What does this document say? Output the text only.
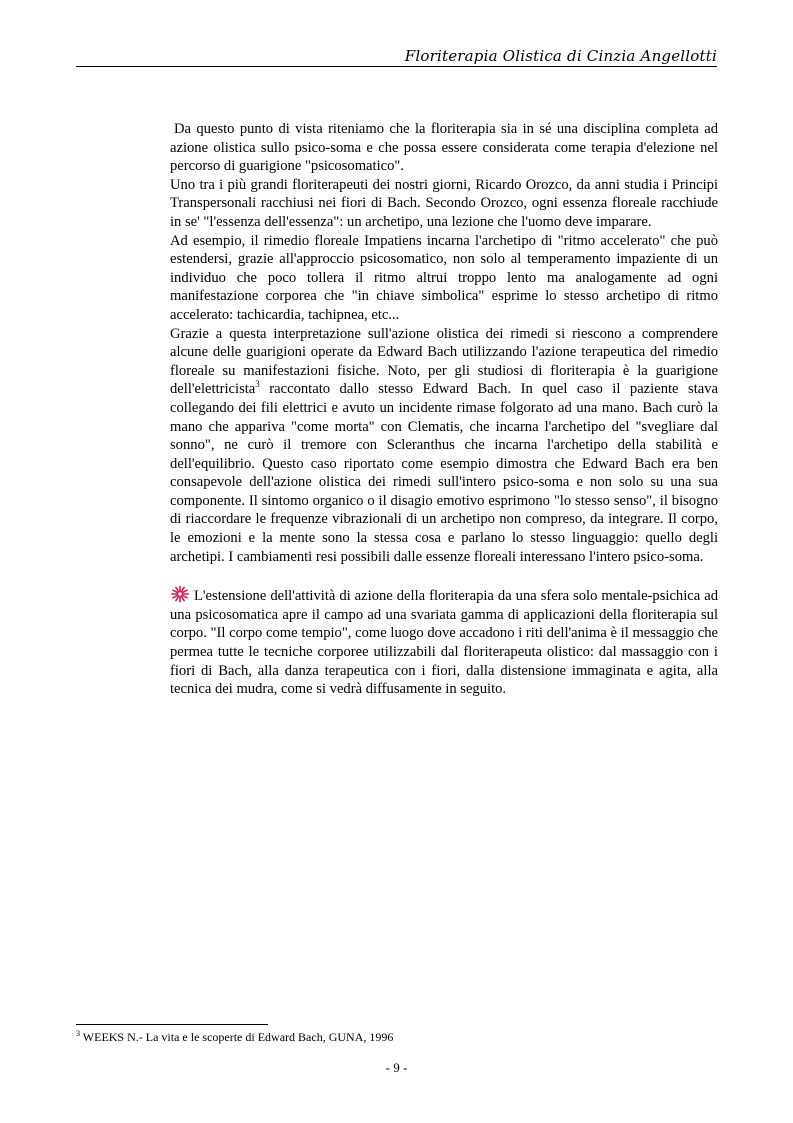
Floriterapia Olistica di Cinzia Angellotti

Da questo punto di vista riteniamo che la floriterapia sia in sé una disciplina completa ad azione olistica sullo psico-soma e che possa essere considerata come terapia d'elezione nel percorso di guarigione "psicosomatico".

Uno tra i più grandi floriterapeuti dei nostri giorni, Ricardo Orozco, da anni studia i Principi Transpersonali racchiusi nei fiori di Bach. Secondo Orozco, ogni essenza floreale racchiude in se' "l'essenza dell'essenza": un archetipo, una lezione che l'uomo deve imparare.

Ad esempio, il rimedio floreale Impatiens incarna l'archetipo di "ritmo accelerato" che può estendersi, grazie all'approccio psicosomatico, non solo al temperamento impaziente di un individuo che poco tollera il ritmo altrui troppo lento ma analogamente ad ogni manifestazione corporea che "in chiave simbolica" esprime lo stesso archetipo di ritmo accelerato: tachicardia, tachipnea, etc...

Grazie a questa interpretazione sull'azione olistica dei rimedi si riescono a comprendere alcune delle guarigioni operate da Edward Bach utilizzando l'azione terapeutica del rimedio floreale su manifestazioni fisiche. Noto, per gli studiosi di floriterapia è la guarigione dell'elettricista$^3$ raccontato dallo stesso Edward Bach. In quel caso il paziente stava collegando dei fili elettrici e avuto un incidente rimase folgorato ad una mano. Bach curò la mano che appariva "come morta" con Clematis, che incarna l'archetipo del "svegliare dal sonno", ne curò il tremore con Scleranthus che incarna l'archetipo della stabilità e dell'equilibrio. Questo caso riportato come esempio dimostra che Edward Bach era ben consapevole dell'azione olistica dei rimedi sull'intero psico-soma e non solo su una sua componente. Il sintomo organico o il disagio emotivo esprimono "lo stesso senso", il bisogno di riaccordare le frequenze vibrazionali di un archetipo non compreso, da integrare. Il corpo, le emozioni e la mente sono la stessa cosa e parlano lo stesso linguaggio: quello degli archetipi. I cambiamenti resi possibili dalle essenze floreali interessano l'intero psico-soma.

L'estensione dell'attività di azione della floriterapia da una sfera solo mentale-psichica ad una psicosomatica apre il campo ad una svariata gamma di applicazioni della floriterapia sul corpo. "Il corpo come tempio", come luogo dove accadono i riti dell'anima è il messaggio che permea tutte le tecniche corporee utilizzabili dal floriterapeuta olistico: dal massaggio con i fiori di Bach, alla danza terapeutica con i fiori, dalla distensione immaginata e agita, alla tecnica dei mudra, come si vedrà diffusamente in seguito.

$^3$ WEEKS N.- La vita e le scoperte di Edward Bach, GUNA, 1996
- 9 -
